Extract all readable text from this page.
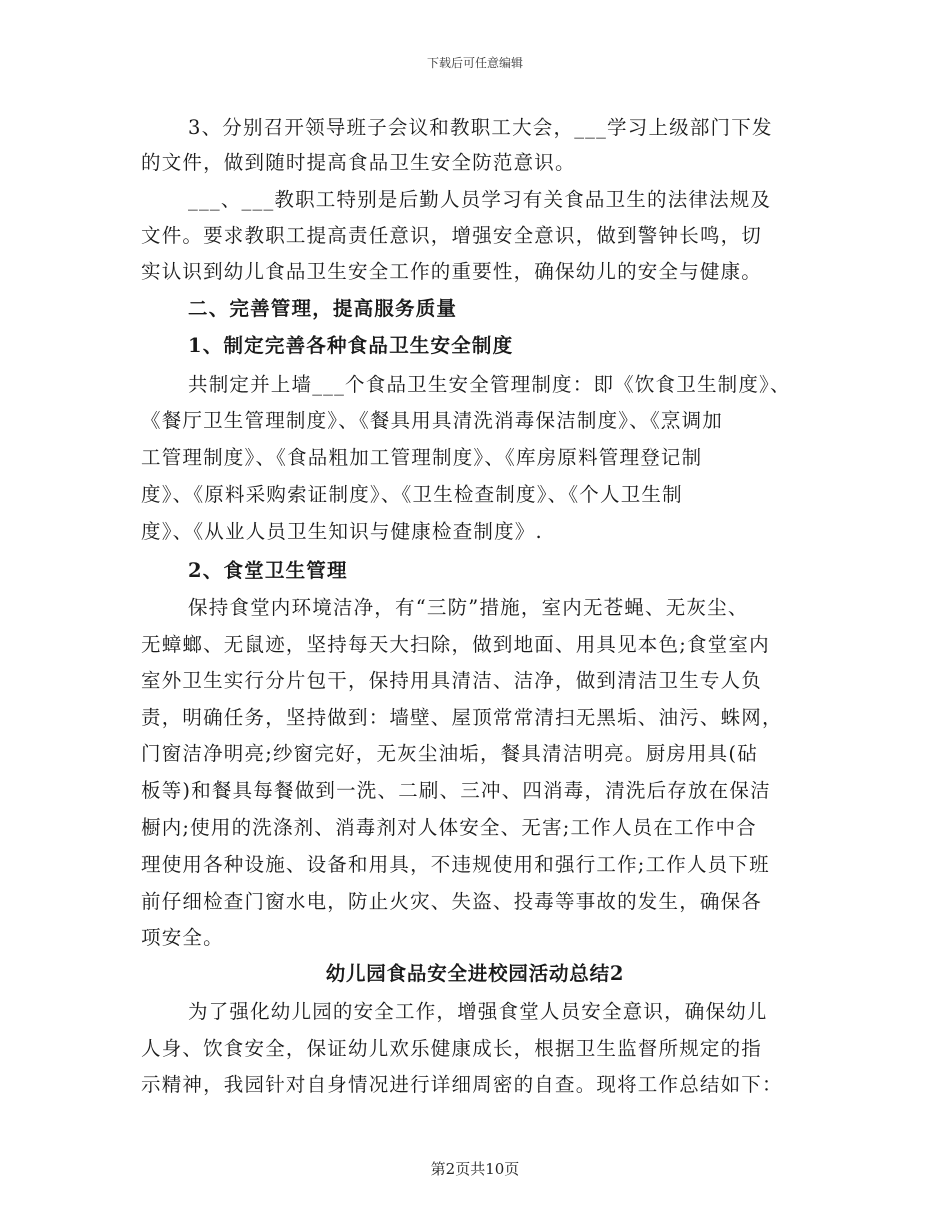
下载后可任意编辑
3、分别召开领导班子会议和教职工大会，___学习上级部门下发
的文件，做到随时提高食品卫生安全防范意识。
___、___教职工特别是后勤人员学习有关食品卫生的法律法规及
文件。要求教职工提高责任意识，增强安全意识，做到警钟长鸣，切
实认识到幼儿食品卫生安全工作的重要性，确保幼儿的安全与健康。
二、完善管理，提高服务质量
1、制定完善各种食品卫生安全制度
共制定并上墙___个食品卫生安全管理制度：即《饮食卫生制度》、
《餐厅卫生管理制度》、《餐具用具清洗消毒保洁制度》、《烹调加
工管理制度》、《食品粗加工管理制度》、《库房原料管理登记制
度》、《原料采购索证制度》、《卫生检查制度》、《个人卫生制
度》、《从业人员卫生知识与健康检查制度》.
2、食堂卫生管理
保持食堂内环境洁净，有“三防”措施，室内无苍蝇、无灰尘、
无蟑螂、无鼠迹，坚持每天大扫除，做到地面、用具见本色;食堂室内
室外卫生实行分片包干，保持用具清洁、洁净，做到清洁卫生专人负
责，明确任务，坚持做到：墙壁、屋顶常常清扫无黑垢、油污、蛛网，
门窗洁净明亮;纱窗完好，无灰尘油垢，餐具清洁明亮。厨房用具(砧
板等)和餐具每餐做到一洗、二刷、三冲、四消毒，清洗后存放在保洁
橱内;使用的洗涤剂、消毒剂对人体安全、无害;工作人员在工作中合
理使用各种设施、设备和用具，不违规使用和强行工作;工作人员下班
前仔细检查门窗水电，防止火灾、失盗、投毒等事故的发生，确保各
项安全。
幼儿园食品安全进校园活动总结2
为了强化幼儿园的安全工作，增强食堂人员安全意识，确保幼儿
人身、饮食安全，保证幼儿欢乐健康成长，根据卫生监督所规定的指
示精神，我园针对自身情况进行详细周密的自查。现将工作总结如下：
第2页共10页
